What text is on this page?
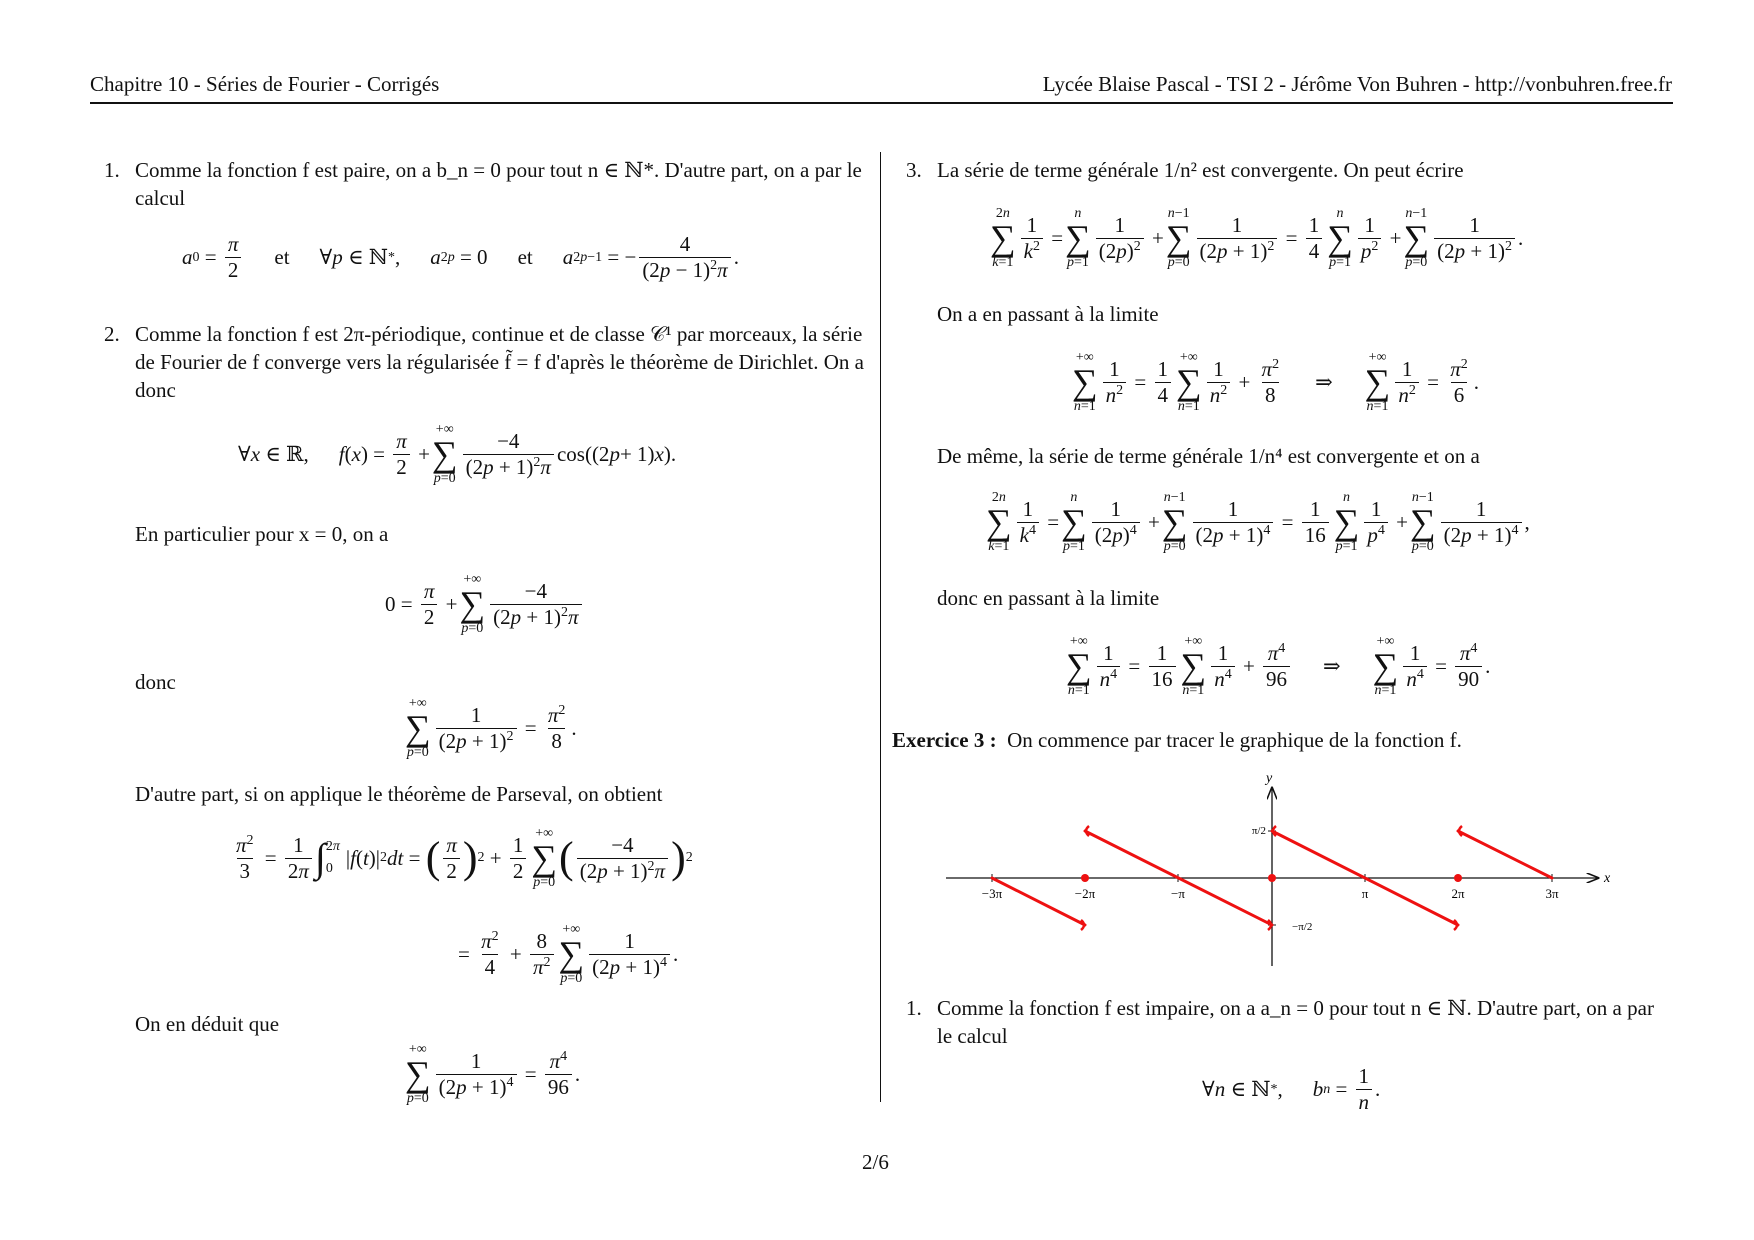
Chapitre 10 - Séries de Fourier - Corrigés	Lycée Blaise Pascal - TSI 2 - Jérôme Von Buhren - http://vonbuhren.free.fr
1. Comme la fonction f est paire, on a b_n = 0 pour tout n ∈ ℕ*. D'autre part, on a par le calcul
a $0 = \frac{\pi}{2}$ et
∀ p ∈ ℕ * , a 2p = 0 et a 2p−1 = − $\frac{4}{(2p - 1)^2\pi}$ .
2. Comme la fonction f est 2π-périodique, continue et de classe 𝒞¹ par morceaux, la série de Fourier de f converge vers la régularisée f̃ = f d'après le théorème de Dirichlet. On a donc
∀ x ∈ ℝ, f ( x ) = $\frac{\pi}{2}$ +
+∞
∑
$p=0 \frac{-4}{(2p + 1)^2\pi} \cos((2$ p + 1) x ).
En particulier pour x = 0, on a
$0 = \frac{\pi}{2}$ +
+∞
∑
$p=0 \frac{-4}{(2p + 1)^2\pi}$
donc
+∞
∑
$p=0 \frac{1}{(2p + 1)^2} = \frac{\pi^2}{8}$ .
D'autre part, si on applique le théorème de Parseval, on obtient
$\frac{\pi^2}{3} = \frac{1}{2\pi}$ ∫ 2π
0 | f ( t )| 2 dt = ( $\frac{\pi}{2}$ ) $2 + \frac{1}{2}$ +∞
∑
p=0
( $\frac{-4}{(2p + 1)^2\pi}$ ) 2
= $\frac{\pi^2}{4} + \frac{8}{\pi^2}$ +∞
∑
$p=0 \frac{1}{(2p + 1)^4}$ .
On en déduit que
+∞
∑
$p=0 \frac{1}{(2p + 1)^4} = \frac{\pi^4}{96}$ .
3. La série de terme générale 1/n² est convergente. On peut écrire
2n
∑
$k=1 \frac{1}{k^2}$ =
n
∑
$p=1 \frac{1}{(2p)^2}$ +
n−1
∑
$p=0 \frac{1}{(2p + 1)^2} = \frac{1}{4}$ n
∑
$p=1 \frac{1}{p^2}$ +
n−1
∑
$p=0 \frac{1}{(2p + 1)^2}$ .
On a en passant à la limite
+∞
∑
$n=1 \frac{1}{n^2} = \frac{1}{4}$ +∞
∑
$n=1 \frac{1}{n^2} + \frac{\pi^2}{8}$ ⇒
+∞
∑
$n=1 \frac{1}{n^2} = \frac{\pi^2}{6}$ .
De même, la série de terme générale 1/n⁴ est convergente et on a
2n
∑
$k=1 \frac{1}{k^4}$ =
n
∑
$p=1 \frac{1}{(2p)^4}$ +
n−1
∑
$p=0 \frac{1}{(2p + 1)^4} = \frac{1}{16}$ n
∑
$p=1 \frac{1}{p^4}$ +
n−1
∑
$p=0 \frac{1}{(2p + 1)^4}$ ,
donc en passant à la limite
+∞
∑
$n=1 \frac{1}{n^4} = \frac{1}{16}$ +∞
∑
$n=1 \frac{1}{n^4} + \frac{\pi^4}{96}$ ⇒
+∞
∑
$n=1 \frac{1}{n^4} = \frac{\pi^4}{90}$ .
Exercice 3 : On commence par tracer le graphique de la fonction f.
x
y
−3π	−2π	−π	π	2π	3π
π/2
−π/2
1. Comme la fonction f est impaire, on a a_n = 0 pour tout n ∈ ℕ. D'autre part, on a par le calcul
∀ n ∈ ℕ * , b $n = \frac{1}{n}$ .
2/6
